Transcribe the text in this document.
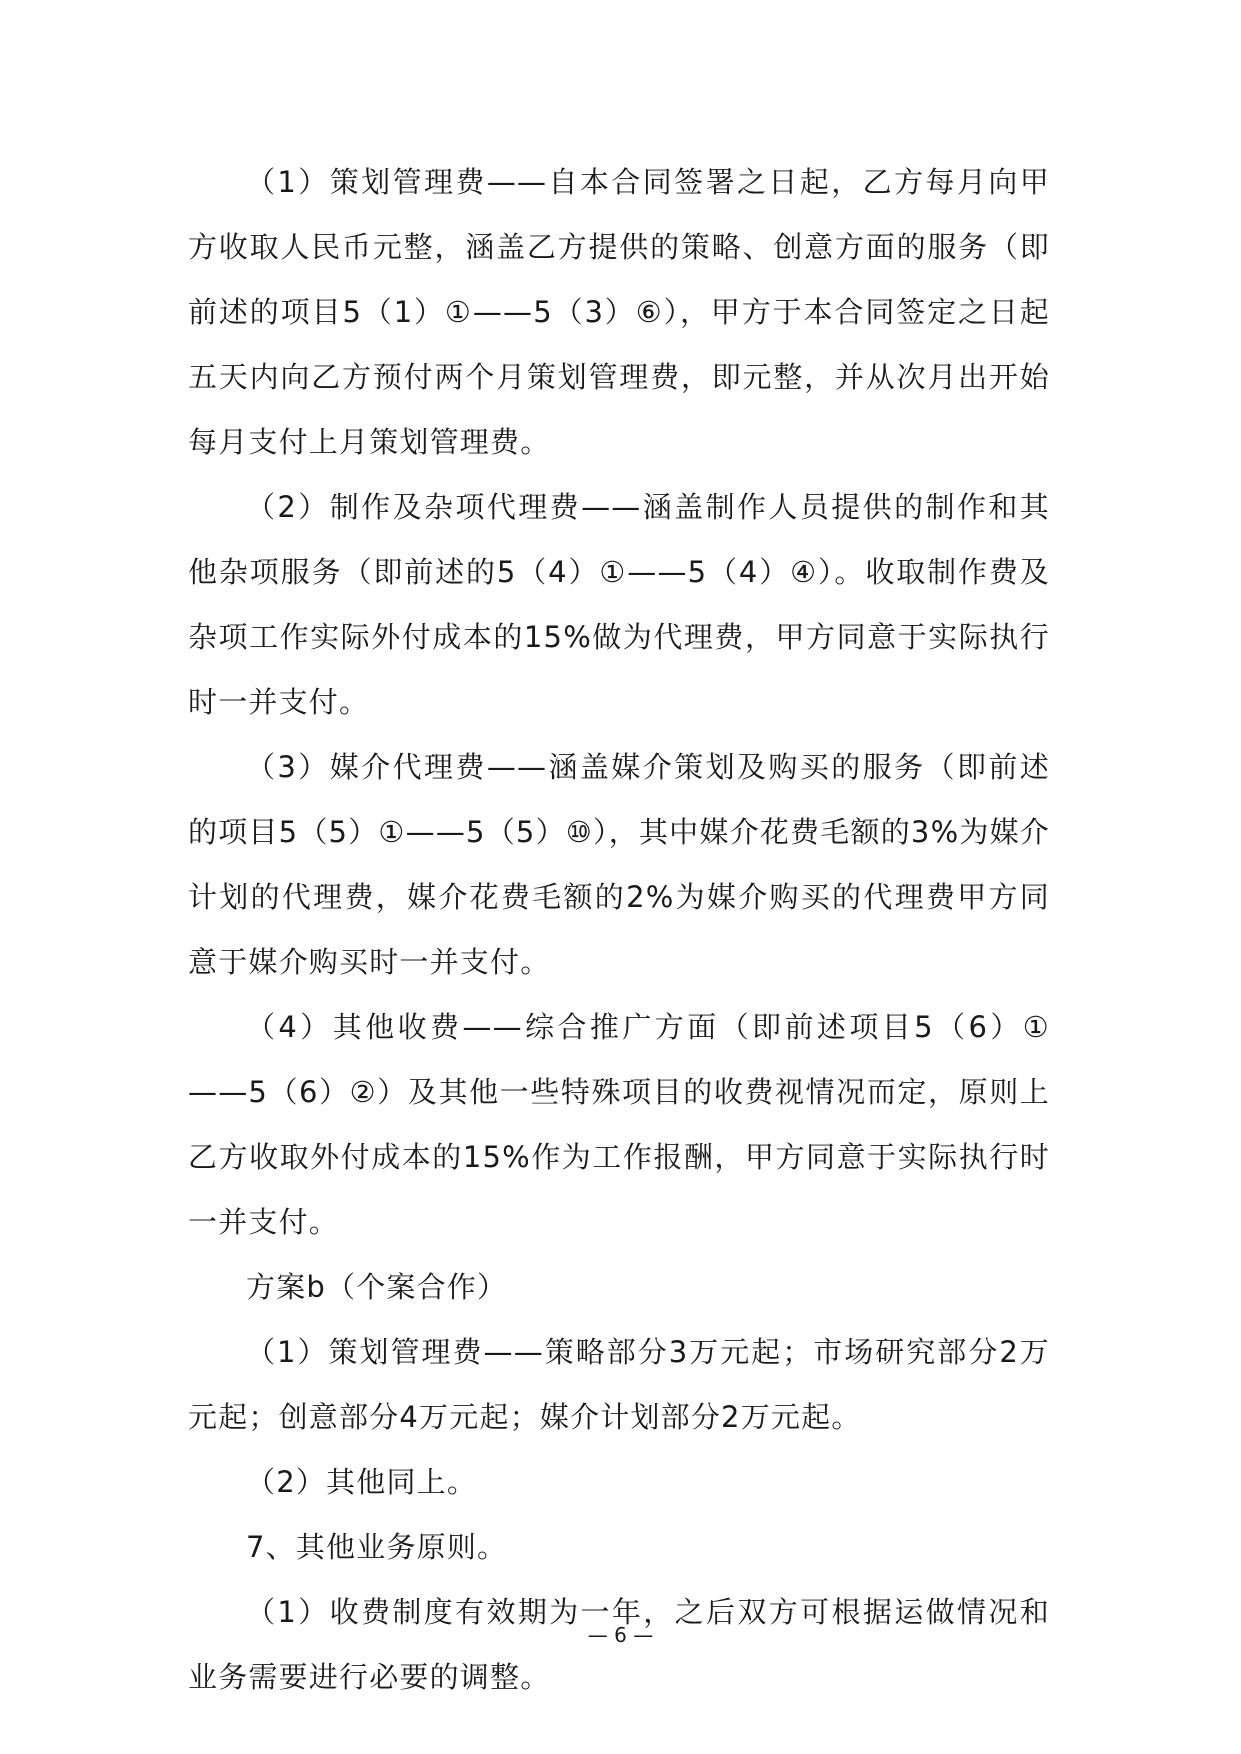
（1）策划管理费——自本合同签署之日起，乙方每月向甲方收取人民币元整，涵盖乙方提供的策略、创意方面的服务（即前述的项目5（1）①——5（3）⑥），甲方于本合同签定之日起五天内向乙方预付两个月策划管理费，即元整，并从次月出开始每月支付上月策划管理费。

（2）制作及杂项代理费——涵盖制作人员提供的制作和其他杂项服务（即前述的5（4）①——5（4）④）。收取制作费及杂项工作实际外付成本的15%做为代理费，甲方同意于实际执行时一并支付。

（3）媒介代理费——涵盖媒介策划及购买的服务（即前述的项目5（5）①——5（5）⑩），其中媒介花费毛额的3%为媒介计划的代理费，媒介花费毛额的2%为媒介购买的代理费甲方同意于媒介购买时一并支付。

（4）其他收费——综合推广方面（即前述项目5（6）①——5（6）②）及其他一些特殊项目的收费视情况而定，原则上乙方收取外付成本的15%作为工作报酬，甲方同意于实际执行时一并支付。

方案b（个案合作）

（1）策划管理费——策略部分3万元起；市场研究部分2万元起；创意部分4万元起；媒介计划部分2万元起。

（2）其他同上。

7、其他业务原则。

（1）收费制度有效期为一年，之后双方可根据运做情况和业务需要进行必要的调整。

— 6 —
